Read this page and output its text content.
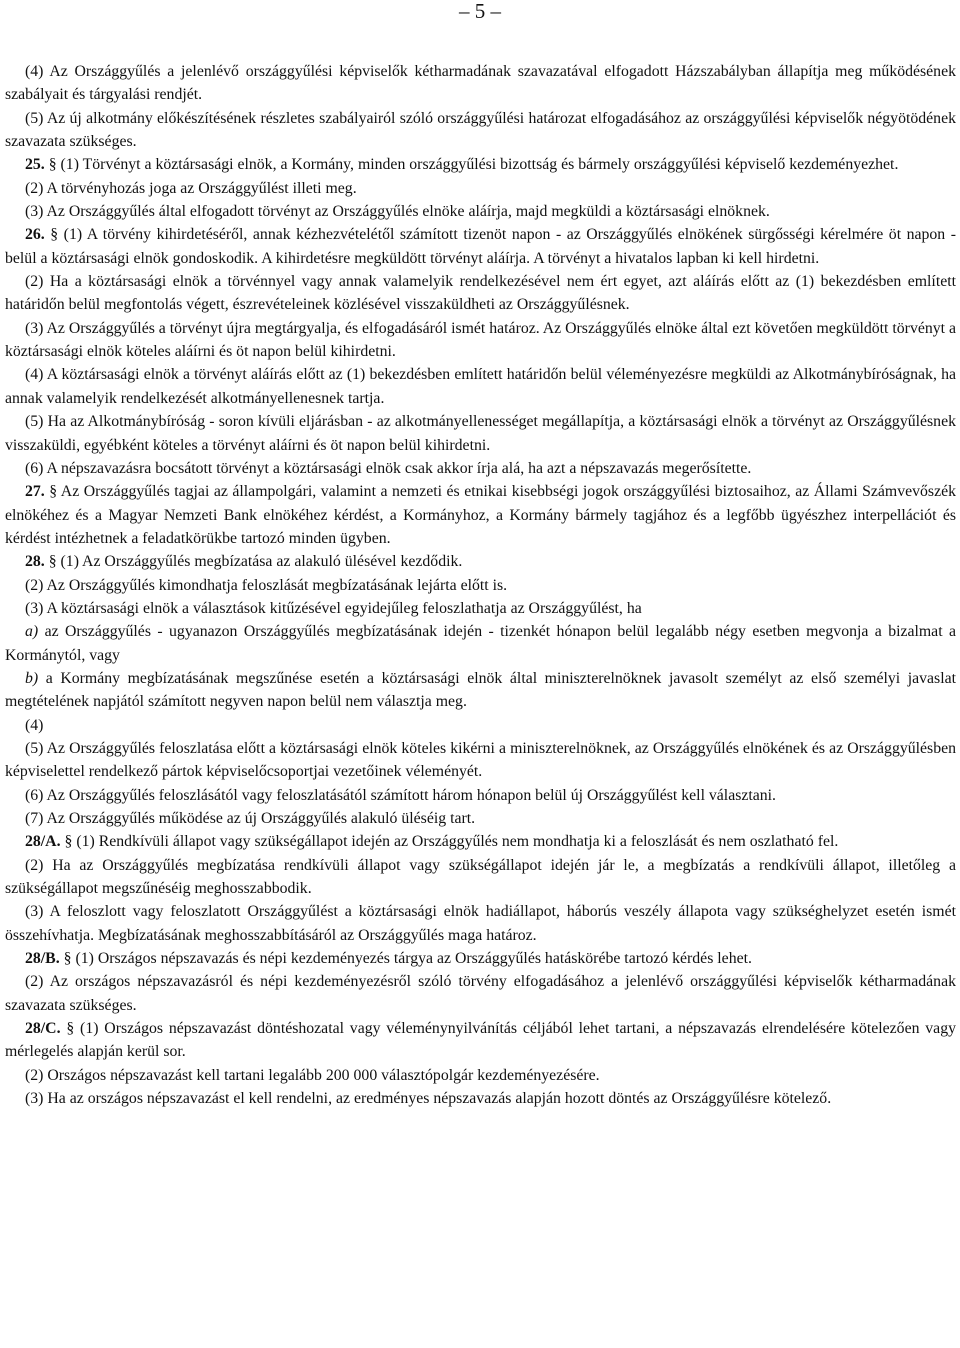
– 5 –

(4) Az Országgyűlés a jelenlévő országgyűlési képviselők kétharmadának szavazatával elfogadott Házszabályban állapítja meg működésének szabályait és tárgyalási rendjét.

(5) Az új alkotmány előkészítésének részletes szabályairól szóló országgyűlési határozat elfogadásához az országgyűlési képviselők négyötödének szavazata szükséges.

25. § (1) Törvényt a köztársasági elnök, a Kormány, minden országgyűlési bizottság és bármely országgyűlési képviselő kezdeményezhet.

(2) A törvényhozás joga az Országgyűlést illeti meg.

(3) Az Országgyűlés által elfogadott törvényt az Országgyűlés elnöke aláírja, majd megküldi a köztársasági elnöknek.

26. § (1) A törvény kihirdetéséről, annak kézhezvételétől számított tizenöt napon - az Országgyűlés elnökének sürgősségi kérelmére öt napon - belül a köztársasági elnök gondoskodik. A kihirdetésre megküldött törvényt aláírja. A törvényt a hivatalos lapban ki kell hirdetni.

(2) Ha a köztársasági elnök a törvénnyel vagy annak valamelyik rendelkezésével nem ért egyet, azt aláírás előtt az (1) bekezdésben említett határidőn belül megfontolás végett, észrevételeinek közlésével visszaküldheti az Országgyűlésnek.

(3) Az Országgyűlés a törvényt újra megtárgyalja, és elfogadásáról ismét határoz. Az Országgyűlés elnöke által ezt követően megküldött törvényt a köztársasági elnök köteles aláírni és öt napon belül kihirdetni.

(4) A köztársasági elnök a törvényt aláírás előtt az (1) bekezdésben említett határidőn belül véleményezésre megküldi az Alkotmánybíróságnak, ha annak valamelyik rendelkezését alkotmányellenesnek tartja.

(5) Ha az Alkotmánybíróság - soron kívüli eljárásban - az alkotmányellenességet megállapítja, a köztársasági elnök a törvényt az Országgyűlésnek visszaküldi, egyébként köteles a törvényt aláírni és öt napon belül kihirdetni.

(6) A népszavazásra bocsátott törvényt a köztársasági elnök csak akkor írja alá, ha azt a népszavazás megerősítette.

27. § Az Országgyűlés tagjai az állampolgári, valamint a nemzeti és etnikai kisebbségi jogok országgyűlési biztosaihoz, az Állami Számvevőszék elnökéhez és a Magyar Nemzeti Bank elnökéhez kérdést, a Kormányhoz, a Kormány bármely tagjához és a legfőbb ügyészhez interpellációt és kérdést intézhetnek a feladatkörükbe tartozó minden ügyben.

28. § (1) Az Országgyűlés megbízatása az alakuló ülésével kezdődik.

(2) Az Országgyűlés kimondhatja feloszlását megbízatásának lejárta előtt is.

(3) A köztársasági elnök a választások kitűzésével egyidejűleg feloszlathatja az Országgyűlést, ha

a) az Országgyűlés - ugyanazon Országgyűlés megbízatásának idején - tizenkét hónapon belül legalább négy esetben megvonja a bizalmat a Kormánytól, vagy

b) a Kormány megbízatásának megszűnése esetén a köztársasági elnök által miniszterelnöknek javasolt személyt az első személyi javaslat megtételének napjától számított negyven napon belül nem választja meg.

(4)

(5) Az Országgyűlés feloszlatása előtt a köztársasági elnök köteles kikérni a miniszterelnöknek, az Országgyűlés elnökének és az Országgyűlésben képviselettel rendelkező pártok képviselőcsoportjai vezetőinek véleményét.

(6) Az Országgyűlés feloszlásától vagy feloszlatásától számított három hónapon belül új Országgyűlést kell választani.

(7) Az Országgyűlés működése az új Országgyűlés alakuló üléséig tart.

28/A. § (1) Rendkívüli állapot vagy szükségállapot idején az Országgyűlés nem mondhatja ki a feloszlását és nem oszlatható fel.

(2) Ha az Országgyűlés megbízatása rendkívüli állapot vagy szükségállapot idején jár le, a megbízatás a rendkívüli állapot, illetőleg a szükségállapot megszűnéséig meghosszabbodik.

(3) A feloszlott vagy feloszlatott Országgyűlést a köztársasági elnök hadiállapot, háborús veszély állapota vagy szükséghelyzet esetén ismét összehívhatja. Megbízatásának meghosszabbításáról az Országgyűlés maga határoz.

28/B. § (1) Országos népszavazás és népi kezdeményezés tárgya az Országgyűlés hatáskörébe tartozó kérdés lehet.

(2) Az országos népszavazásról és népi kezdeményezésről szóló törvény elfogadásához a jelenlévő országgyűlési képviselők kétharmadának szavazata szükséges.

28/C. § (1) Országos népszavazást döntéshozatal vagy véleménynyilvánítás céljából lehet tartani, a népszavazás elrendelésére kötelezően vagy mérlegelés alapján kerül sor.

(2) Országos népszavazást kell tartani legalább 200 000 választópolgár kezdeményezésére.

(3) Ha az országos népszavazást el kell rendelni, az eredményes népszavazás alapján hozott döntés az Országgyűlésre kötelező.
